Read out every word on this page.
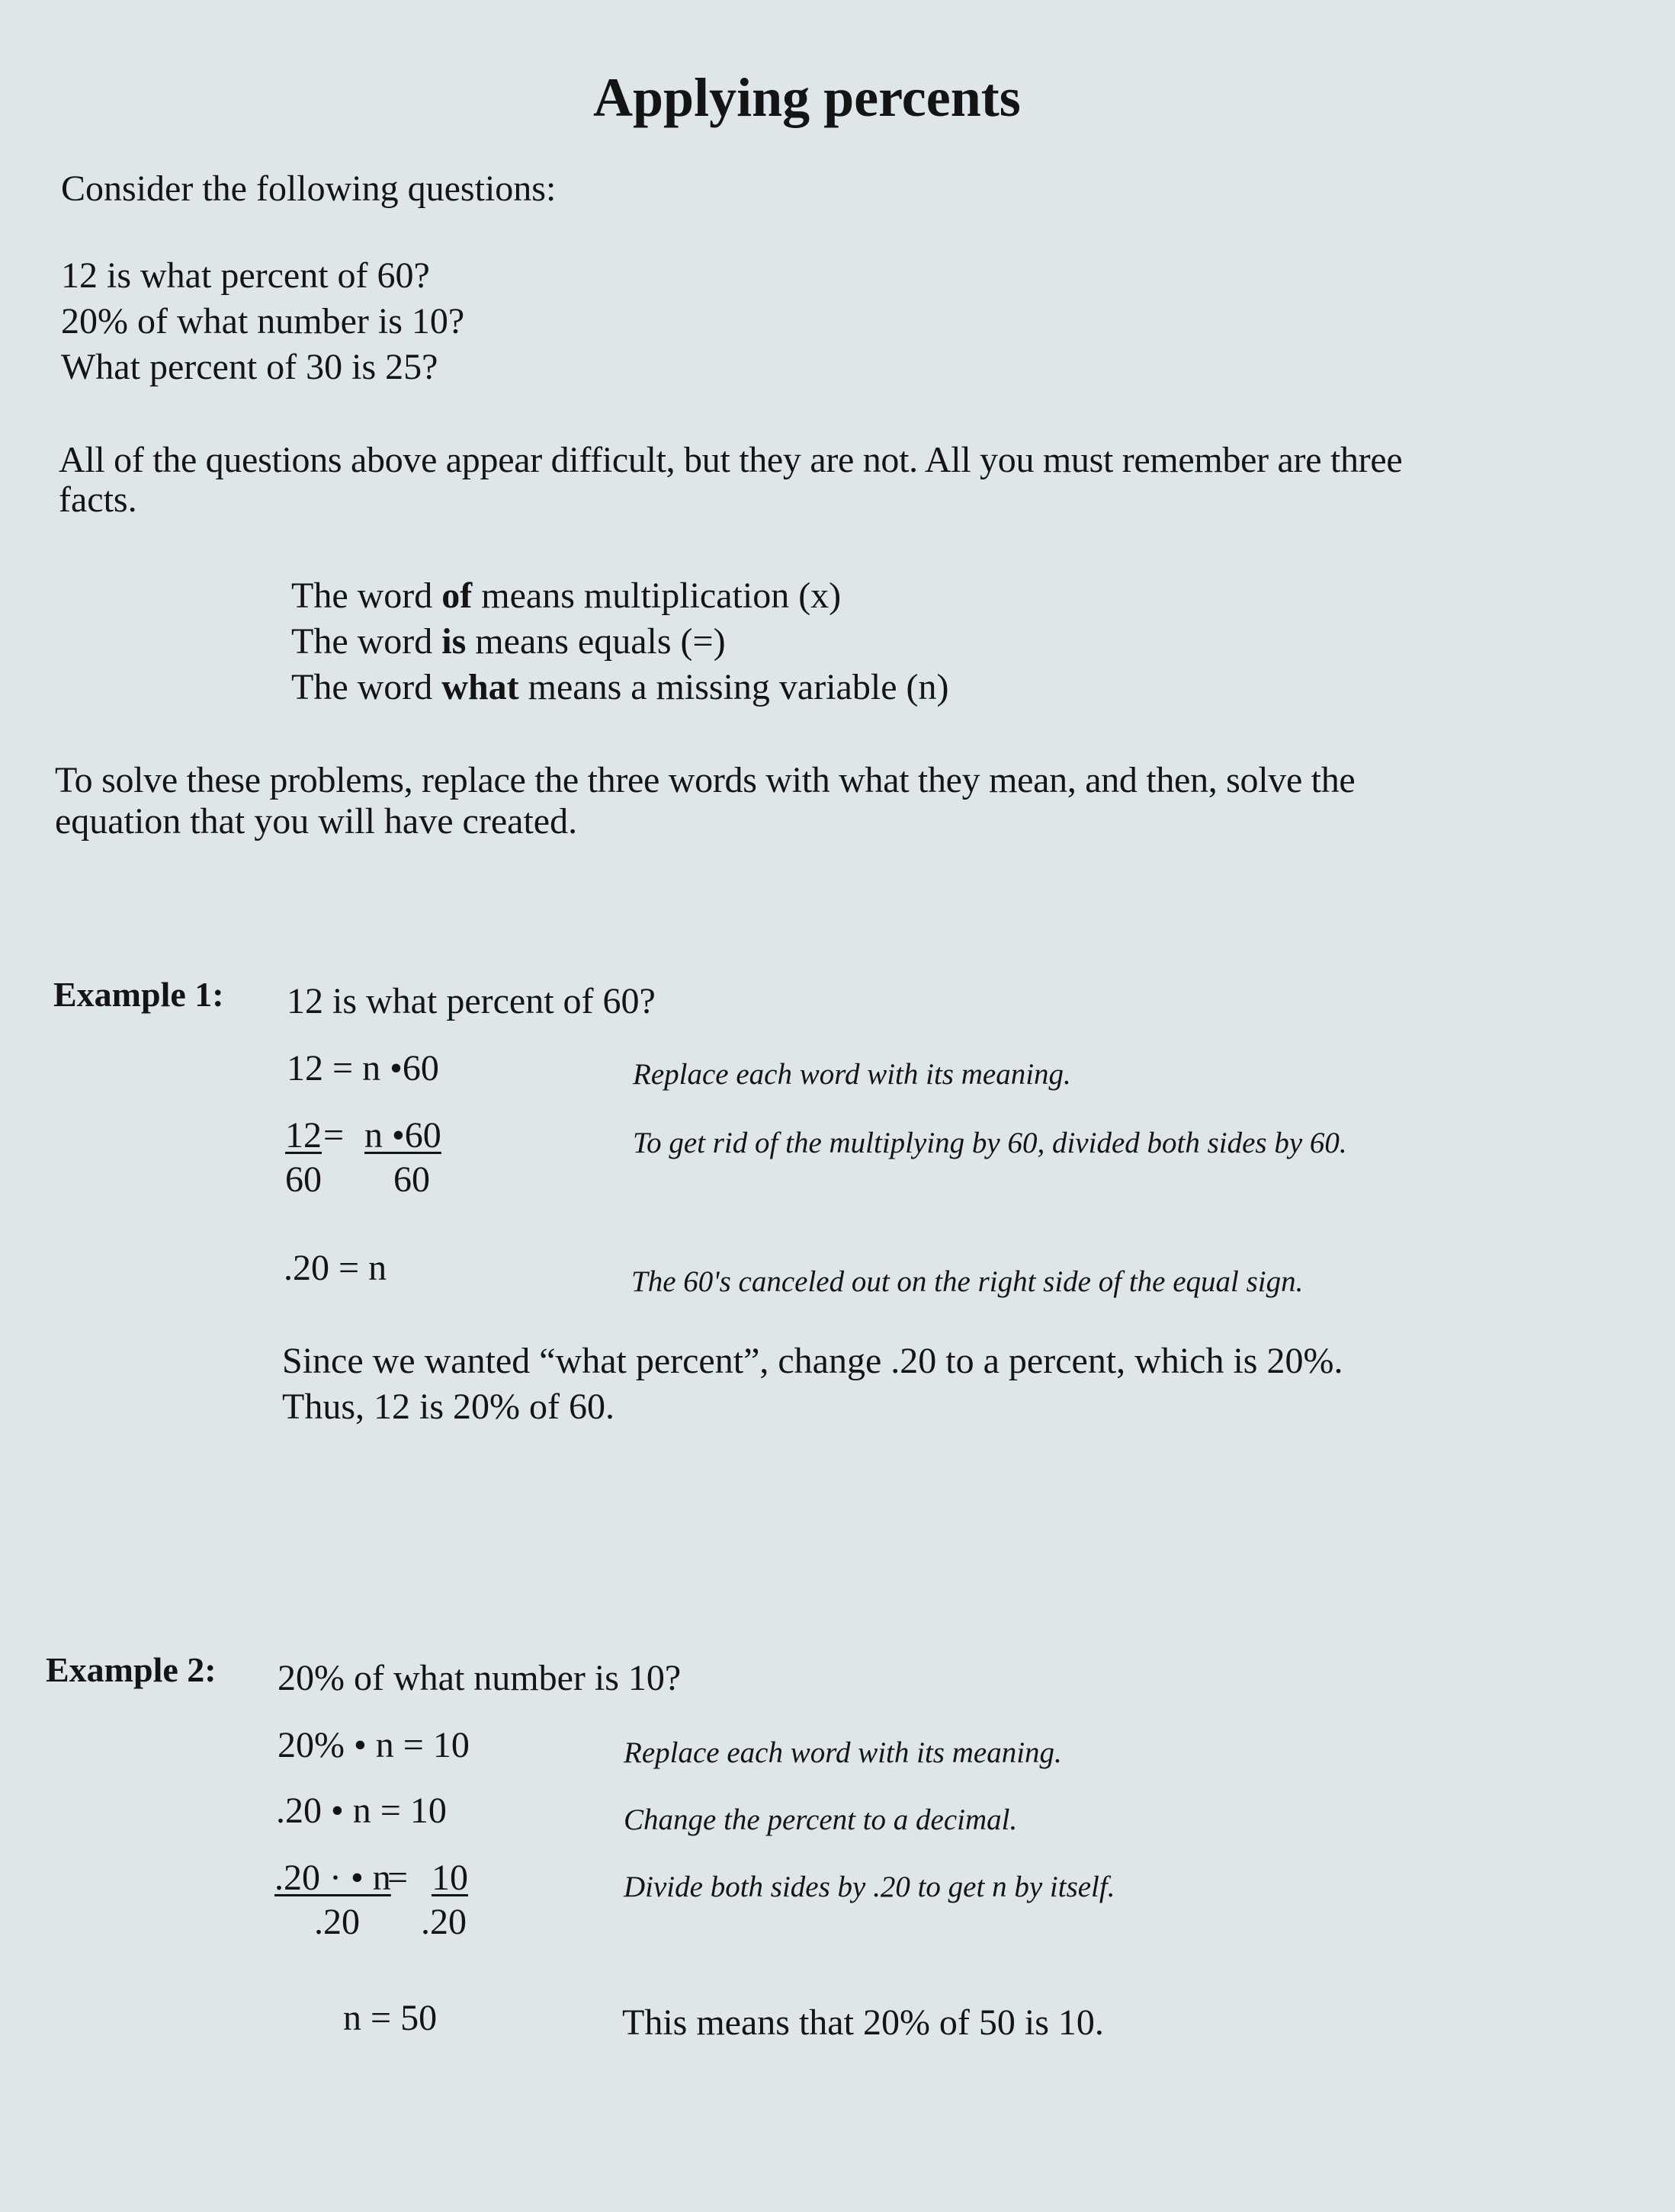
Applying percents
Consider the following questions:
12 is what percent of 60?
20% of what number is 10?
What percent of 30 is 25?
All of the questions above appear difficult, but they are not. All you must remember are three
facts.
The word of means multiplication (x)
The word is means equals (=)
The word what means a missing variable (n)
To solve these problems, replace the three words with what they mean, and then, solve the
equation that you will have created.
Example 1: 12 is what percent of 60?
12 = n •60	Replace each word with its meaning.
12 = n •60
60 60
To get rid of the multiplying by 60, divided both sides by 60.
.20 = n	The 60's canceled out on the right side of the equal sign.
Since we wanted “what percent”, change .20 to a percent, which is 20%.
Thus, 12 is 20% of 60.
Example 2: 20% of what number is 10?
20% • n = 10	Replace each word with its meaning.
.20 • n = 10	Change the percent to a decimal.
.20 · • n
= 10
.20 .20
Divide both sides by .20 to get n by itself.
n = 50	This means that 20% of 50 is 10.
